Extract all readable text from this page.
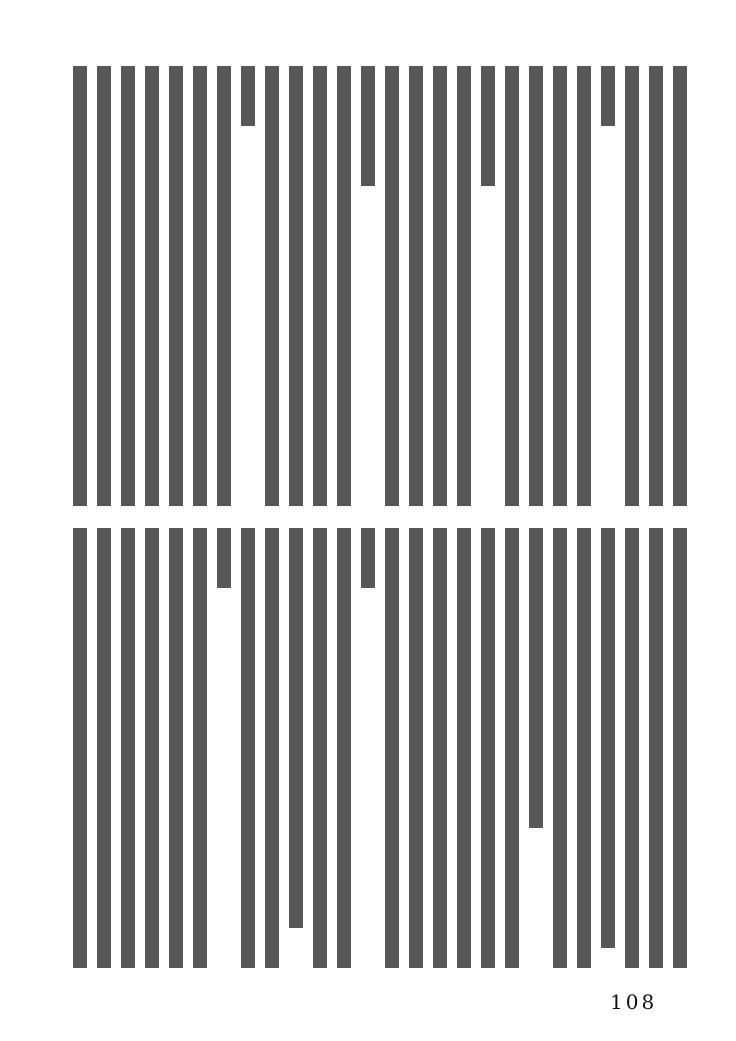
108
